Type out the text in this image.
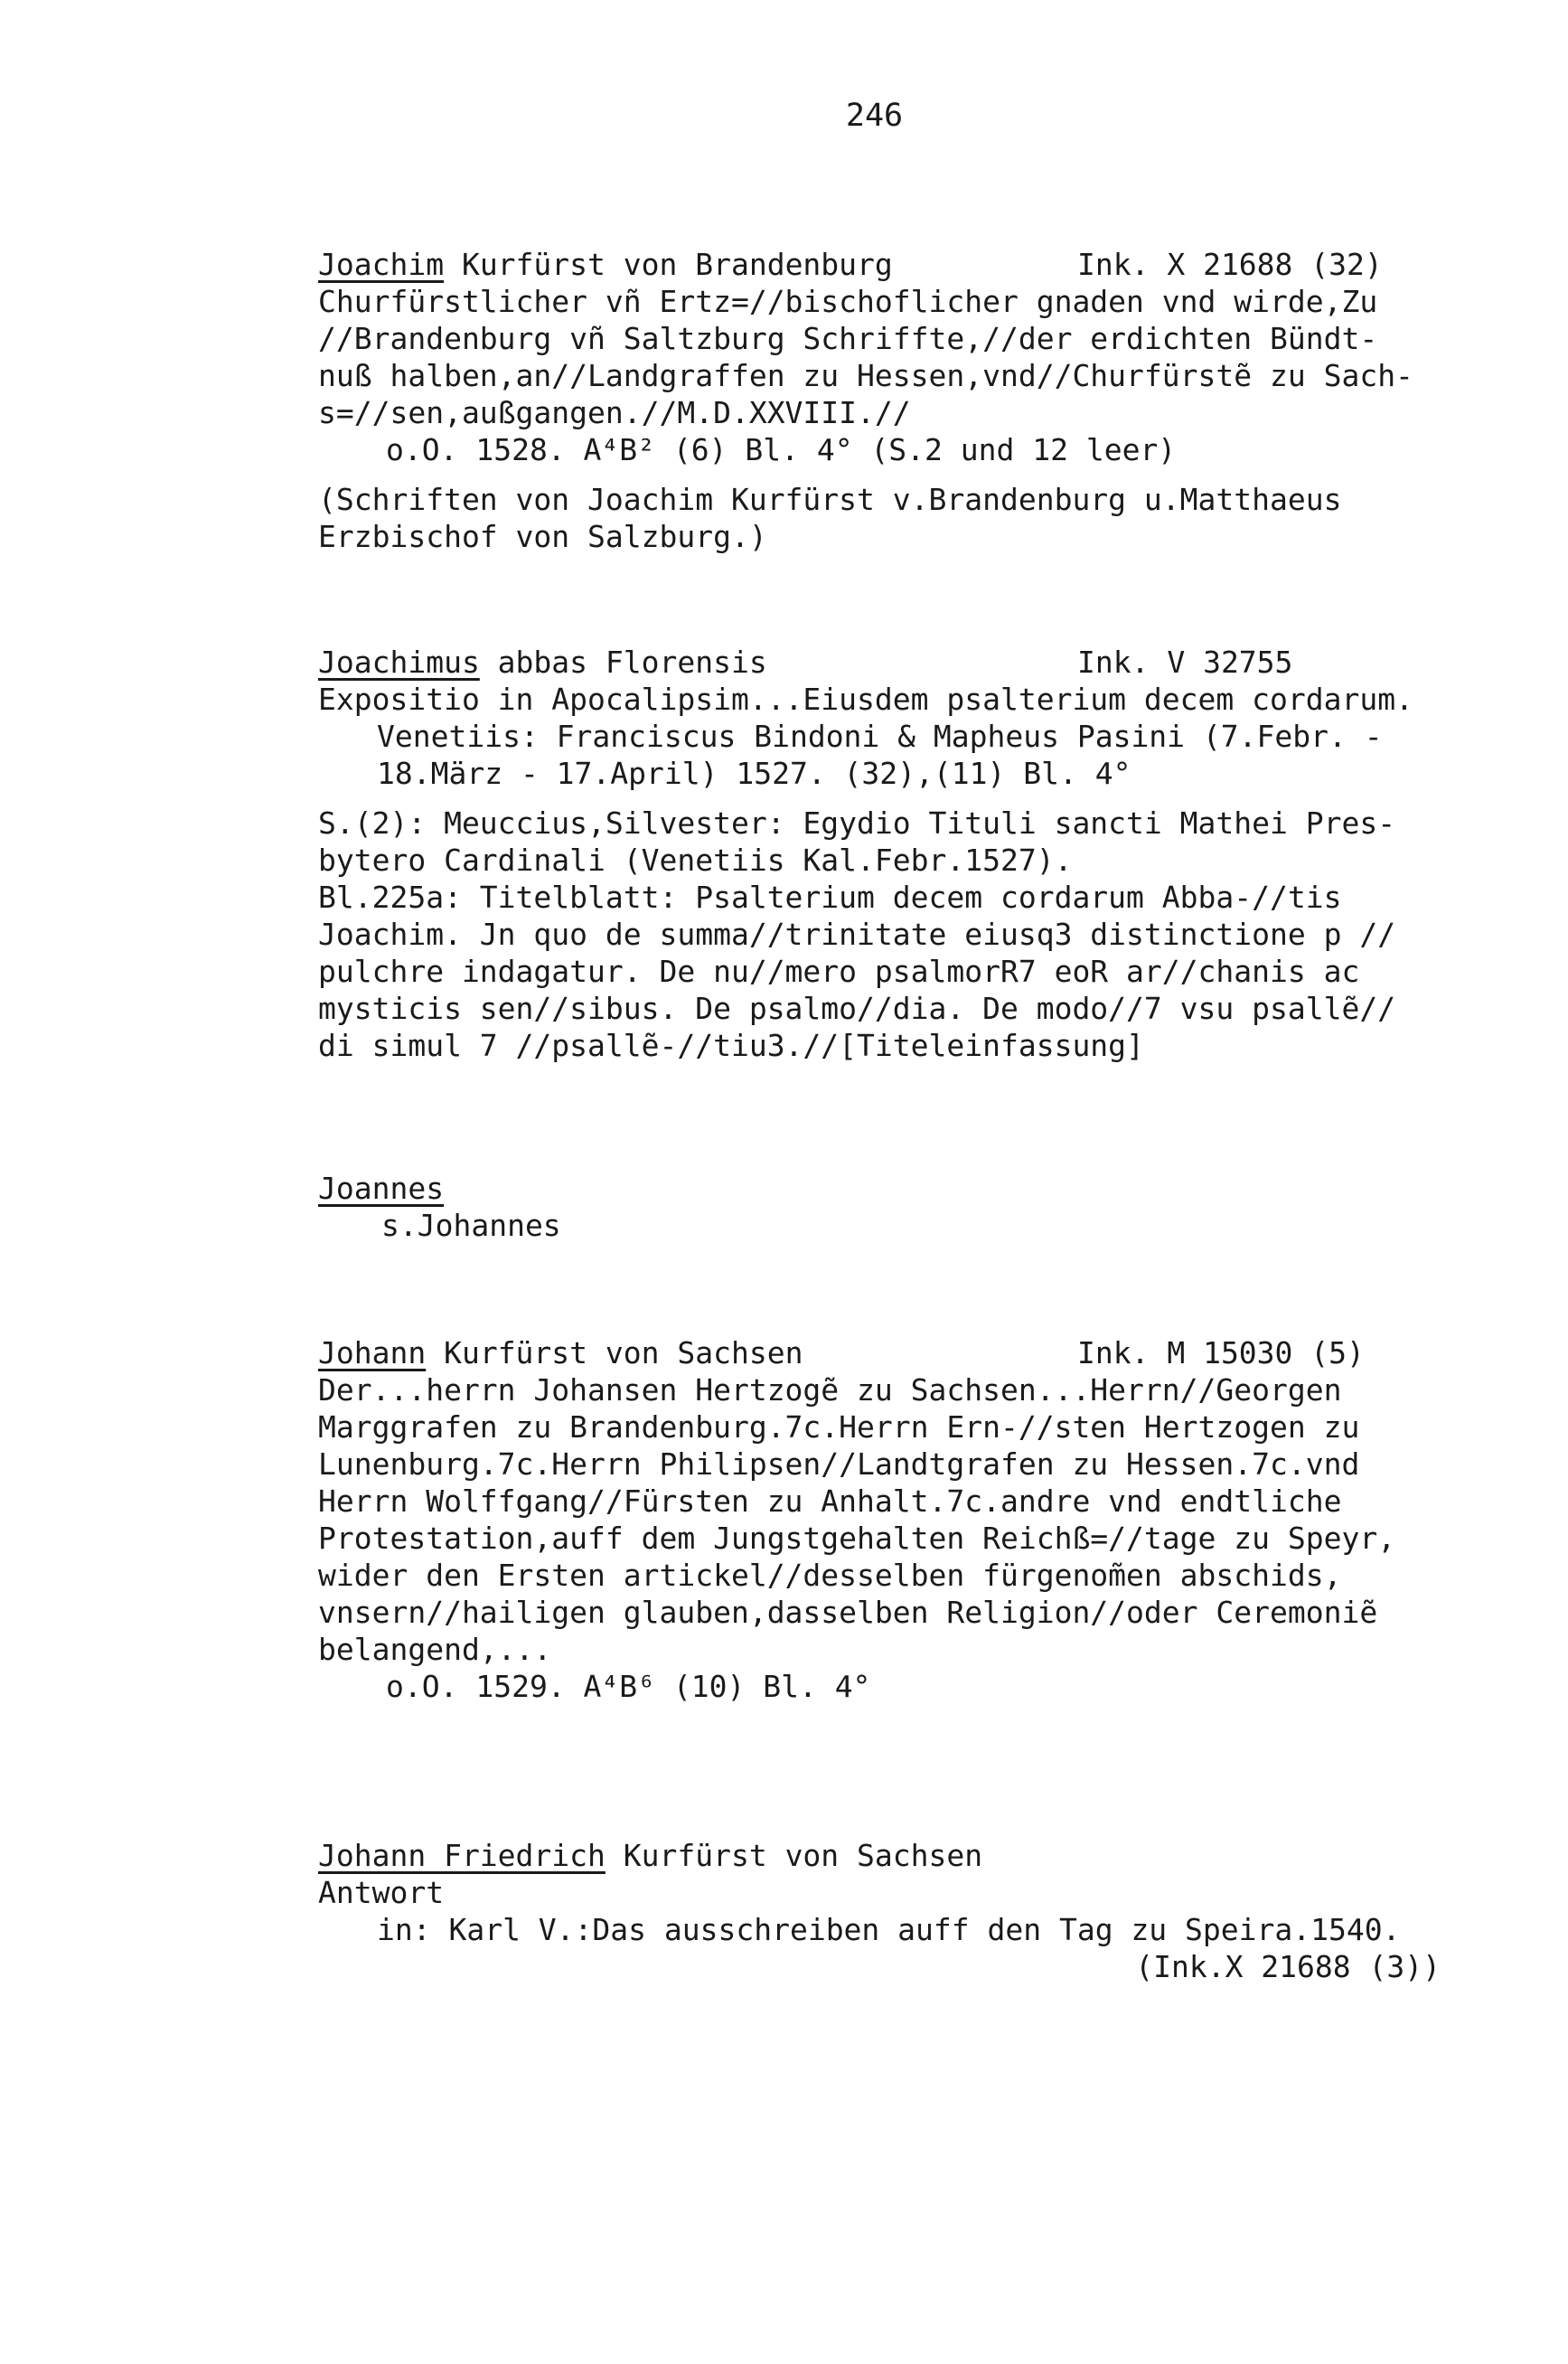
246
Joachim Kurfürst von Brandenburg	Ink. X 21688 (32)
Churfürstlicher vñ Ertz=//bischoflicher gnaden vnd wirde,Zu
//Brandenburg vñ Saltzburg Schriffte,//der erdichten Bündt-
nuß halben,an//Landgraffen zu Hessen,vnd//Churfürstẽ zu Sach-
s=//sen,außgangen.//M.D.XXVIII.//
o.O. 1528. A⁴B² (6) Bl. 4° (S.2 und 12 leer)
(Schriften von Joachim Kurfürst v.Brandenburg u.Matthaeus
Erzbischof von Salzburg.)
Joachimus abbas Florensis	Ink. V 32755
Expositio in Apocalipsim...Eiusdem psalterium decem cordarum.
Venetiis: Franciscus Bindoni & Mapheus Pasini (7.Febr. -
18.März - 17.April) 1527. (32),(11) Bl. 4°
S.(2): Meuccius,Silvester: Egydio Tituli sancti Mathei Pres-
bytero Cardinali (Venetiis Kal.Febr.1527).
Bl.225a: Titelblatt: Psalterium decem cordarum Abba-//tis
Joachim. Jn quo de summa//trinitate eiusq3 distinctione p //
pulchre indagatur. De nu//mero psalmorR7 eoR ar//chanis ac
mysticis sen//sibus. De psalmo//dia. De modo//7 vsu psallẽ//
di simul 7 //psallẽ-//tiu3.//[Titeleinfassung]
Joannes
s.Johannes
Johann Kurfürst von Sachsen	Ink. M 15030 (5)
Der...herrn Johansen Hertzogẽ zu Sachsen...Herrn//Georgen
Marggrafen zu Brandenburg.7c.Herrn Ern-//sten Hertzogen zu
Lunenburg.7c.Herrn Philipsen//Landtgrafen zu Hessen.7c.vnd
Herrn Wolffgang//Fürsten zu Anhalt.7c.andre vnd endtliche
Protestation,auff dem Jungstgehalten Reichß=//tage zu Speyr,
wider den Ersten artickel//desselben fürgenom̃en abschids,
vnsern//hailigen glauben,dasselben Religion//oder Ceremoniẽ
belangend,...
o.O. 1529. A⁴B⁶ (10) Bl. 4°
Johann Friedrich Kurfürst von Sachsen
Antwort
in: Karl V.:Das ausschreiben auff den Tag zu Speira.1540.
(Ink.X 21688 (3))
